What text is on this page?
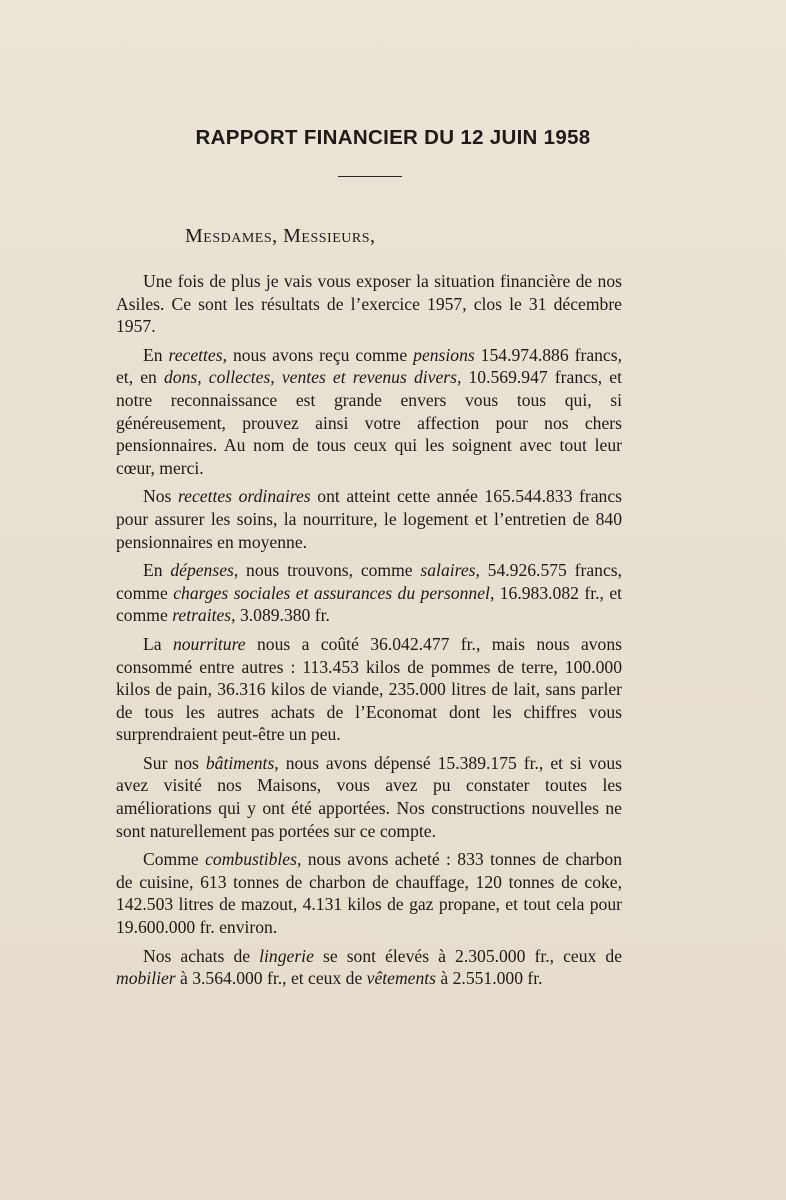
RAPPORT FINANCIER DU 12 JUIN 1958
Mesdames, Messieurs,

Une fois de plus je vais vous exposer la situation financière de nos Asiles. Ce sont les résultats de l’exercice 1957, clos le 31 décembre 1957.

En recettes, nous avons reçu comme pensions 154.974.886 francs, et, en dons, collectes, ventes et revenus divers, 10.569.947 francs, et notre reconnaissance est grande envers vous tous qui, si généreusement, prouvez ainsi votre affection pour nos chers pensionnaires. Au nom de tous ceux qui les soignent avec tout leur cœur, merci.

Nos recettes ordinaires ont atteint cette année 165.544.833 francs pour assurer les soins, la nourriture, le logement et l’entretien de 840 pensionnaires en moyenne.

En dépenses, nous trouvons, comme salaires, 54.926.575 francs, comme charges sociales et assurances du personnel, 16.983.082 fr., et comme retraites, 3.089.380 fr.

La nourriture nous a coûté 36.042.477 fr., mais nous avons consommé entre autres : 113.453 kilos de pommes de terre, 100.000 kilos de pain, 36.316 kilos de viande, 235.000 litres de lait, sans parler de tous les autres achats de l’Economat dont les chiffres vous surprendraient peut-être un peu.

Sur nos bâtiments, nous avons dépensé 15.389.175 fr., et si vous avez visité nos Maisons, vous avez pu constater toutes les améliorations qui y ont été apportées. Nos constructions nouvelles ne sont naturellement pas portées sur ce compte.

Comme combustibles, nous avons acheté : 833 tonnes de charbon de cuisine, 613 tonnes de charbon de chauffage, 120 tonnes de coke, 142.503 litres de mazout, 4.131 kilos de gaz propane, et tout cela pour 19.600.000 fr. environ.

Nos achats de lingerie se sont élevés à 2.305.000 fr., ceux de mobilier à 3.564.000 fr., et ceux de vêtements à 2.551.000 fr.
